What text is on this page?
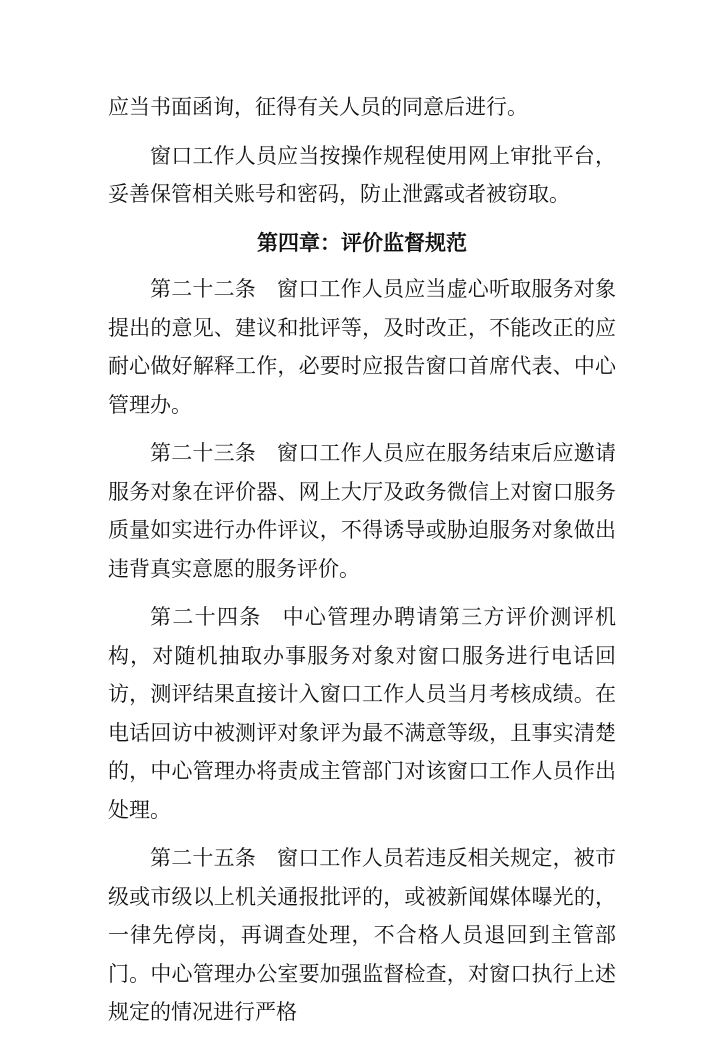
应当书面函询，征得有关人员的同意后进行。

窗口工作人员应当按操作规程使用网上审批平台，妥善保管相关账号和密码，防止泄露或者被窃取。

第四章：评价监督规范

第二十二条 窗口工作人员应当虚心听取服务对象提出的意见、建议和批评等，及时改正，不能改正的应耐心做好解释工作，必要时应报告窗口首席代表、中心管理办。

第二十三条 窗口工作人员应在服务结束后应邀请服务对象在评价器、网上大厅及政务微信上对窗口服务质量如实进行办件评议，不得诱导或胁迫服务对象做出违背真实意愿的服务评价。

第二十四条 中心管理办聘请第三方评价测评机构，对随机抽取办事服务对象对窗口服务进行电话回访，测评结果直接计入窗口工作人员当月考核成绩。在电话回访中被测评对象评为最不满意等级，且事实清楚的，中心管理办将责成主管部门对该窗口工作人员作出处理。

第二十五条 窗口工作人员若违反相关规定，被市级或市级以上机关通报批评的，或被新闻媒体曝光的，一律先停岗，再调查处理，不合格人员退回到主管部门。中心管理办公室要加强监督检查，对窗口执行上述规定的情况进行严格
